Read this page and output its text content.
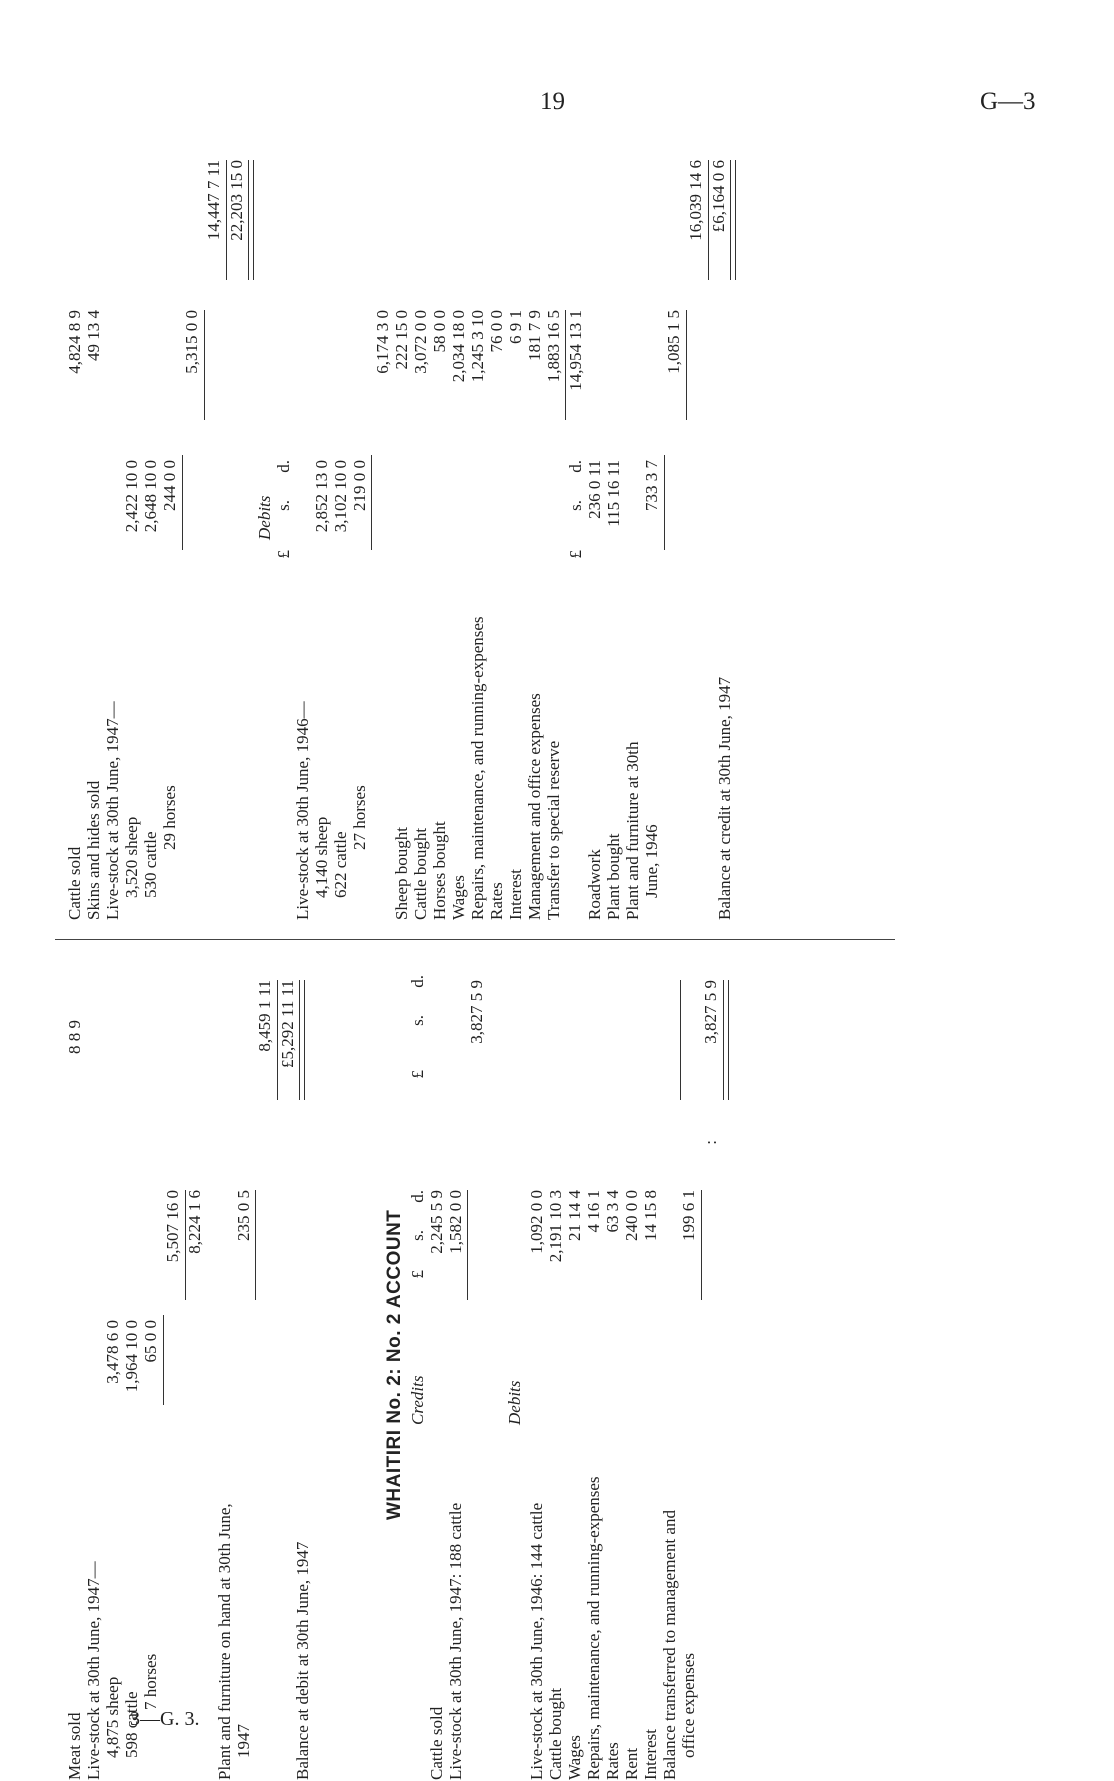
19	G—3
3—G. 3.
Meat sold
8 8 9
Live-stock at 30th June, 1947— 4,875 sheep
3,478 6 0
598 cattle
1,964 10 0
7 horses
65 0 0
5,507 16 0 8,224 1 6
Plant and furniture on hand at 30th June, 1947
235 0 5
8,459 1 11
Balance at debit at 30th June, 1947
£5,292 11 11
WHAITIRI No. 2: No. 2 ACCOUNT Credits
£
s.
d.
£
s.
d.
Cattle sold
2,245 5 9
Live-stock at 30th June, 1947: 188 cattle
1,582 0 0
3,827 5 9
Debits
Live-stock at 30th June, 1946: 144 cattle
1,092 0 0
Cattle bought
2,191 10 3
Wages
21 14 4
Repairs, maintenance, and running-expenses
4 16 1
Rates
63 3 4
Rent
240 0 0
Interest
14 15 8
Balance transferred to management and office expenses
199 6 1
:
3,827 5 9
Cattle sold
4,824 8 9
Skins and hides sold
49 13 4
Live-stock at 30th June, 1947— 3,520 sheep
2,422 10 0
530 cattle
2,648 10 0
29 horses
244 0 0
5,315 0 0
14,447 7 11 22,203 15 0
Debits
£
s.
d.
Live-stock at 30th June, 1946— 4,140 sheep
2,852 13 0
622 cattle
3,102 10 0
27 horses
219 0 0
6,174 3 0
Sheep bought
222 15 0
Cattle bought
3,072 0 0
Horses bought
58 0 0
Wages
2,034 18 0
Repairs, maintenance, and running-expenses
1,245 3 10
Rates
76 0 0
Interest
6 9 1
Management and office expenses
181 7 9
Transfer to special reserve
1,883 16 5
£
s.
d.
14,954 13 1
Roadwork
236 0 11
Plant bought
115 16 11
Plant and furniture at 30th June, 1946
733 3 7
1,085 1 5
16,039 14 6
Balance at credit at 30th June, 1947
£6,164 0 6
